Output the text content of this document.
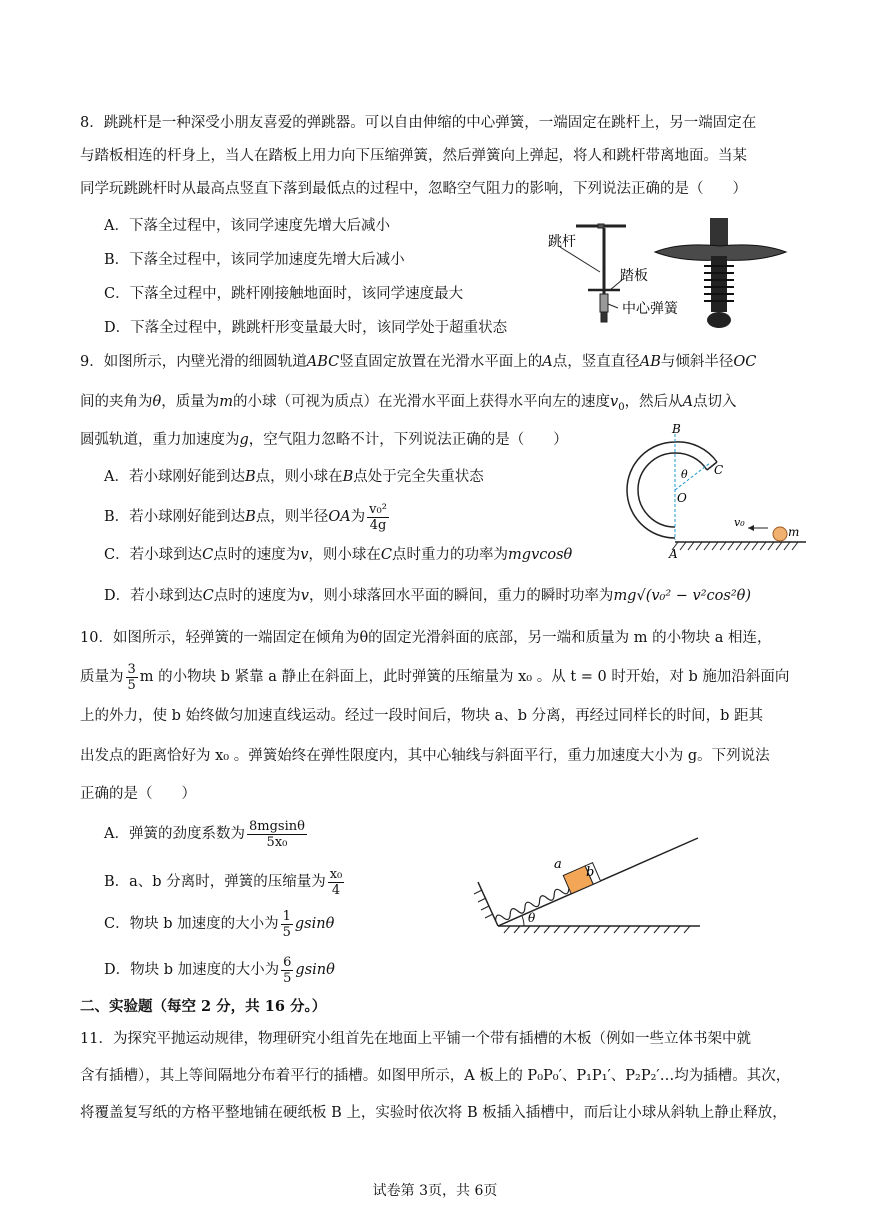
8．跳跳杆是一种深受小朋友喜爱的弹跳器。可以自由伸缩的中心弹簧，一端固定在跳杆上，另一端固定在
与踏板相连的杆身上，当人在踏板上用力向下压缩弹簧，然后弹簧向上弹起，将人和跳杆带离地面。当某
同学玩跳跳杆时从最高点竖直下落到最低点的过程中，忽略空气阻力的影响，下列说法正确的是（　　）
A．下落全过程中，该同学速度先增大后减小
B．下落全过程中，该同学加速度先增大后减小
C．下落全过程中，跳杆刚接触地面时，该同学速度最大
D．下落全过程中，跳跳杆形变量最大时，该同学处于超重状态
跳杆
踏板
中心弹簧
9．如图所示，内壁光滑的细圆轨道ABC竖直固定放置在光滑水平面上的A点，竖直直径AB与倾斜半径OC
间的夹角为θ，质量为m的小球（可视为质点）在光滑水平面上获得水平向左的速度$v_0$，然后从A点切入
圆弧轨道，重力加速度为g，空气阻力忽略不计，下列说法正确的是（　　）
A．若小球刚好能到达B点，则小球在B点处于完全失重状态
B．若小球刚好能到达B点，则半径OA为 $\frac{\text{v₀²}}{4g}$
C．若小球到达C点时的速度为v，则小球在C点时重力的功率为mgvcosθ
D．若小球到达C点时的速度为v，则小球落回水平面的瞬间，重力的瞬时功率为mg√(v₀² − v²cos²θ)
B
C
O
θ
A
v₀
m
10．如图所示，轻弹簧的一端固定在倾角为θ的固定光滑斜面的底部，另一端和质量为 m 的小物块 a 相连，
质量为 $\frac{3}{5}$ m 的小物块 b 紧靠 a 静止在斜面上，此时弹簧的压缩量为 x₀ 。从 t = 0 时开始，对 b 施加沿斜面向
上的外力，使 b 始终做匀加速直线运动。经过一段时间后，物块 a、b 分离，再经过同样长的时间，b 距其
出发点的距离恰好为 x₀ 。弹簧始终在弹性限度内，其中心轴线与斜面平行，重力加速度大小为 g。下列说法
正确的是（　　）
A．弹簧的劲度系数为 $\frac{8mgsin\theta}{\text{5x₀}}$
B．a、b 分离时，弹簧的压缩量为 $\frac{\text{x₀}}{4}$
C．物块 b 加速度的大小为 $\frac{1}{5}$ gsinθ
D．物块 b 加速度的大小为 $\frac{6}{5}$ gsinθ
θ
a
b
二、实验题（每空 2 分，共 16 分。）
11．为探究平抛运动规律，物理研究小组首先在地面上平铺一个带有插槽的木板（例如一些立体书架中就
含有插槽），其上等间隔地分布着平行的插槽。如图甲所示，A 板上的 P₀P₀′、P₁P₁′、P₂P₂′…均为插槽。其次，
将覆盖复写纸的方格平整地铺在硬纸板 B 上，实验时依次将 B 板插入插槽中，而后让小球从斜轨上静止释放，
试卷第 3页，共 6页
